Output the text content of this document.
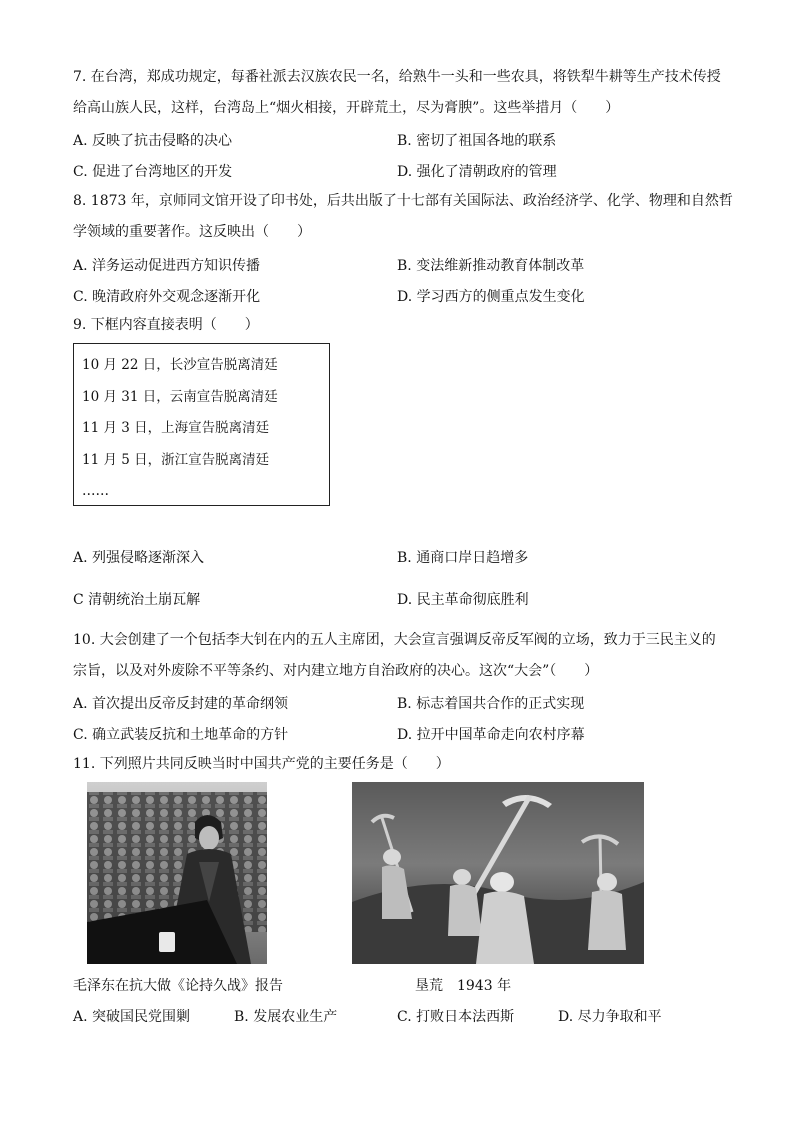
7. 在台湾，郑成功规定，每番社派去汉族农民一名，给熟牛一头和一些农具，将铁犁牛耕等生产技术传授
给高山族人民，这样，台湾岛上“烟火相接，开辟荒土，尽为膏腴”。这些举措月（　　）
A. 反映了抗击侵略的决心	B. 密切了祖国各地的联系
C. 促进了台湾地区的开发	D. 强化了清朝政府的管理
8. 1873 年，京师同文馆开设了印书处，后共出版了十七部有关国际法、政治经济学、化学、物理和自然哲
学领域的重要著作。这反映出（　　）
A. 洋务运动促进西方知识传播	B. 变法维新推动教育体制改革
C. 晚清政府外交观念逐渐开化	D. 学习西方的侧重点发生变化
9. 下框内容直接表明（　　）
10 月 22 日，长沙宣告脱离清廷
10 月 31 日，云南宣告脱离清廷
11 月 3 日，上海宣告脱离清廷
11 月 5 日，浙江宣告脱离清廷
……
A. 列强侵略逐渐深入	B. 通商口岸日趋增多
C 清朝统治土崩瓦解	D. 民主革命彻底胜利
10. 大会创建了一个包括李大钊在内的五人主席团，大会宣言强调反帝反军阀的立场，致力于三民主义的
宗旨，以及对外废除不平等条约、对内建立地方自治政府的决心。这次“大会”（　　）
A. 首次提出反帝反封建的革命纲领	B. 标志着国共合作的正式实现
C. 确立武装反抗和土地革命的方针	D. 拉开中国革命走向农村序幕
11. 下列照片共同反映当时中国共产党的主要任务是（　　）
毛泽东在抗大做《论持久战》报告	垦荒　1943 年
A. 突破国民党围剿	B. 发展农业生产	C. 打败日本法西斯	D. 尽力争取和平
